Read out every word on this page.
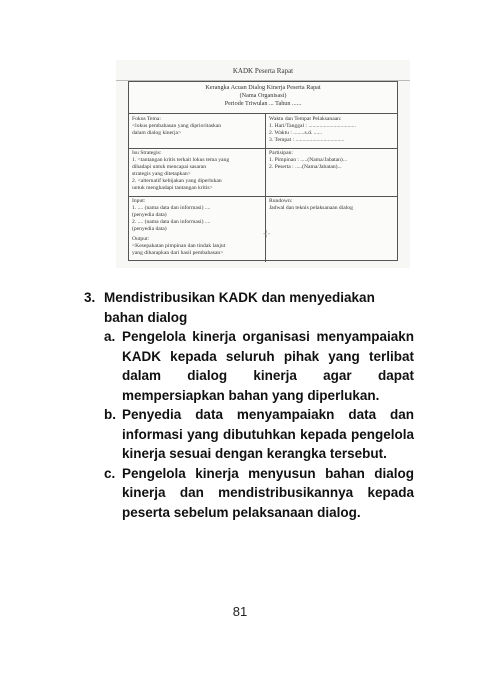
KADK Peserta Rapat
Kerangka Acuan Dialog Kinerja Peserta Rapat
(Nama Organisasi)
Periode Triwulan ... Tahun ......
Fokus Tema:
<lokus pembahasan yang diprioritaskan
dalam dialog kinerja>
Waktu dan Tempat Pelaksanaan:
1. Hari/Tanggal : ..................................
2. Waktu : ........s.d. ......
3. Tempat : ...................................
Isu Strategis:
1. <tantangan kritis terkait lokus tema yang
dihadapi untuk mencapai sasaran
strategis yang ditetapkan>
2. <alternatif kebijakan yang diperlukan
untuk menghadapi tantangan kritis>
Partisipan:
1. Pimpinan : .....(Nama/Jabatan)...
2. Peserta : .....(Nama/Jabatan)...
Input:
1. .... (nama data dan informasi) ....
(penyedia data)
2. .... (nama data dan informasi) ....
(penyedia data)
Output:
<Kesepakatan pimpinan dan tindak lanjut
yang diharapkan dari hasil pembahasan>
Rundown:
Jadwal dan teknis pelaksanaan dialog
-¦-
3. Mendistribusikan KADK dan menyediakan bahan dialog
a. Pengelola kinerja organisasi menyampaiakn KADK kepada seluruh pihak yang terlibat dalam dialog kinerja agar dapat mempersiapkan bahan yang diperlukan.
b. Penyedia data menyampaiakn data dan informasi yang dibutuhkan kepada pengelola kinerja sesuai dengan kerangka tersebut.
c. Pengelola kinerja menyusun bahan dialog kinerja dan mendistribusikannya kepada peserta sebelum pelaksanaan dialog.
81
